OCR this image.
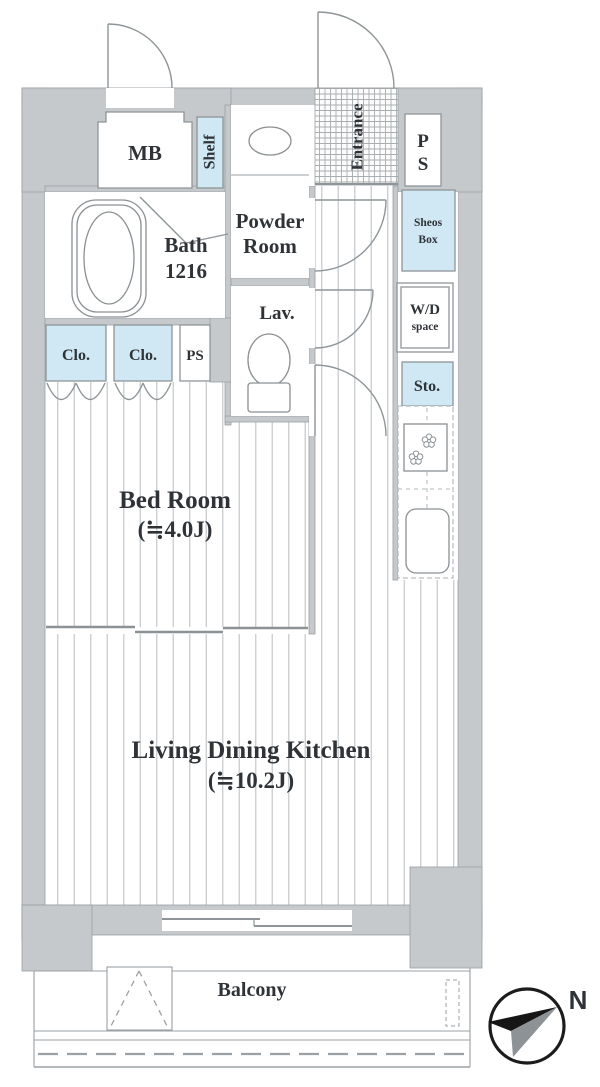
N
MB Shelf
Powder
Room
Entrance	P
S
Sheos
Box
Bath
1216
Lav.	W/D
space
Sto.
Clo. Clo. PS
Bed Room
(≒4.0J)
Living Dining Kitchen
(≒10.2J)
Balcony
